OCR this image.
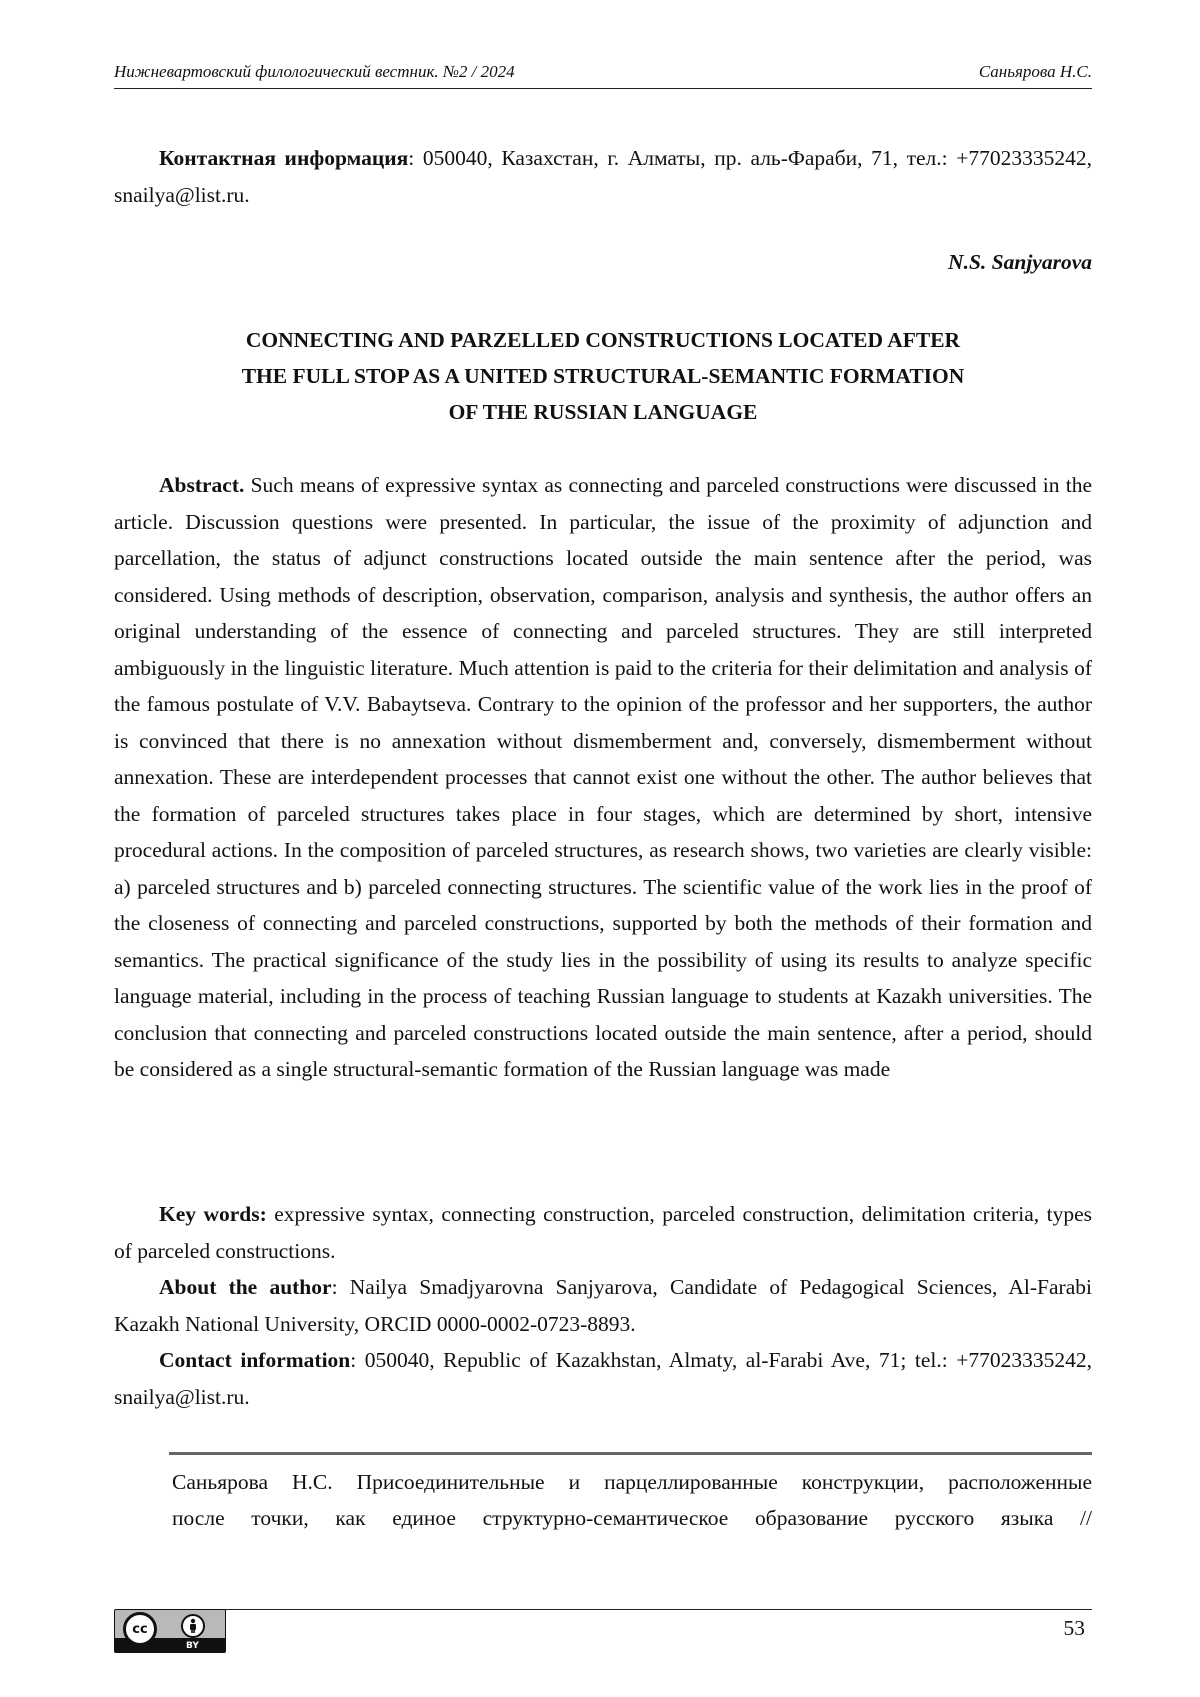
Нижневартовский филологический вестник. №2 / 2024	Саньярова Н.С.

Контактная информация: 050040, Казахстан, г. Алматы, пр. аль-Фараби, 71, тел.: +77023335242, snailya@list.ru.

N.S. Sanjyarova
CONNECTING AND PARZELLED CONSTRUCTIONS LOCATED AFTER
THE FULL STOP AS A UNITED STRUCTURAL-SEMANTIC FORMATION
OF THE RUSSIAN LANGUAGE

Abstract. Such means of expressive syntax as connecting and parceled constructions were discussed in the article. Discussion questions were presented. In particular, the issue of the proximity of adjunction and parcellation, the status of adjunct constructions located outside the main sentence after the period, was considered. Using methods of description, observation, comparison, analysis and synthesis, the author offers an original understanding of the essence of connecting and parceled structures. They are still interpreted ambiguously in the linguistic literature. Much attention is paid to the criteria for their delimitation and analysis of the famous postulate of V.V. Babaytseva. Contrary to the opinion of the professor and her supporters, the author is convinced that there is no annexation without dismemberment and, conversely, dismemberment without annexation. These are interdependent processes that cannot exist one without the other. The author believes that the formation of parceled structures takes place in four stages, which are determined by short, intensive procedural actions. In the composition of parceled structures, as research shows, two varieties are clearly visible: a) parceled structures and b) parceled connecting structures. The scientific value of the work lies in the proof of the closeness of connecting and parceled constructions, supported by both the methods of their formation and semantics. The practical significance of the study lies in the possibility of using its results to analyze specific language material, including in the process of teaching Russian language to students at Kazakh universities. The conclusion that connecting and parceled constructions located outside the main sentence, after a period, should be considered as a single structural-semantic formation of the Russian language was made

Key words: expressive syntax, connecting construction, parceled construction, delimitation criteria, types of parceled constructions.

About the author: Nailya Smadjyarovna Sanjyarova, Candidate of Pedagogical Sciences, Al-Farabi Kazakh National University, ORCID 0000-0002-0723-8893.

Contact information: 050040, Republic of Kazakhstan, Almaty, al-Farabi Ave, 71; tel.: +77023335242, snailya@list.ru.

Саньярова Н.С. Присоединительные и парцеллированные конструкции, расположенные
после точки, как единое структурно-семантическое образование русского языка //

cc
BY
53
